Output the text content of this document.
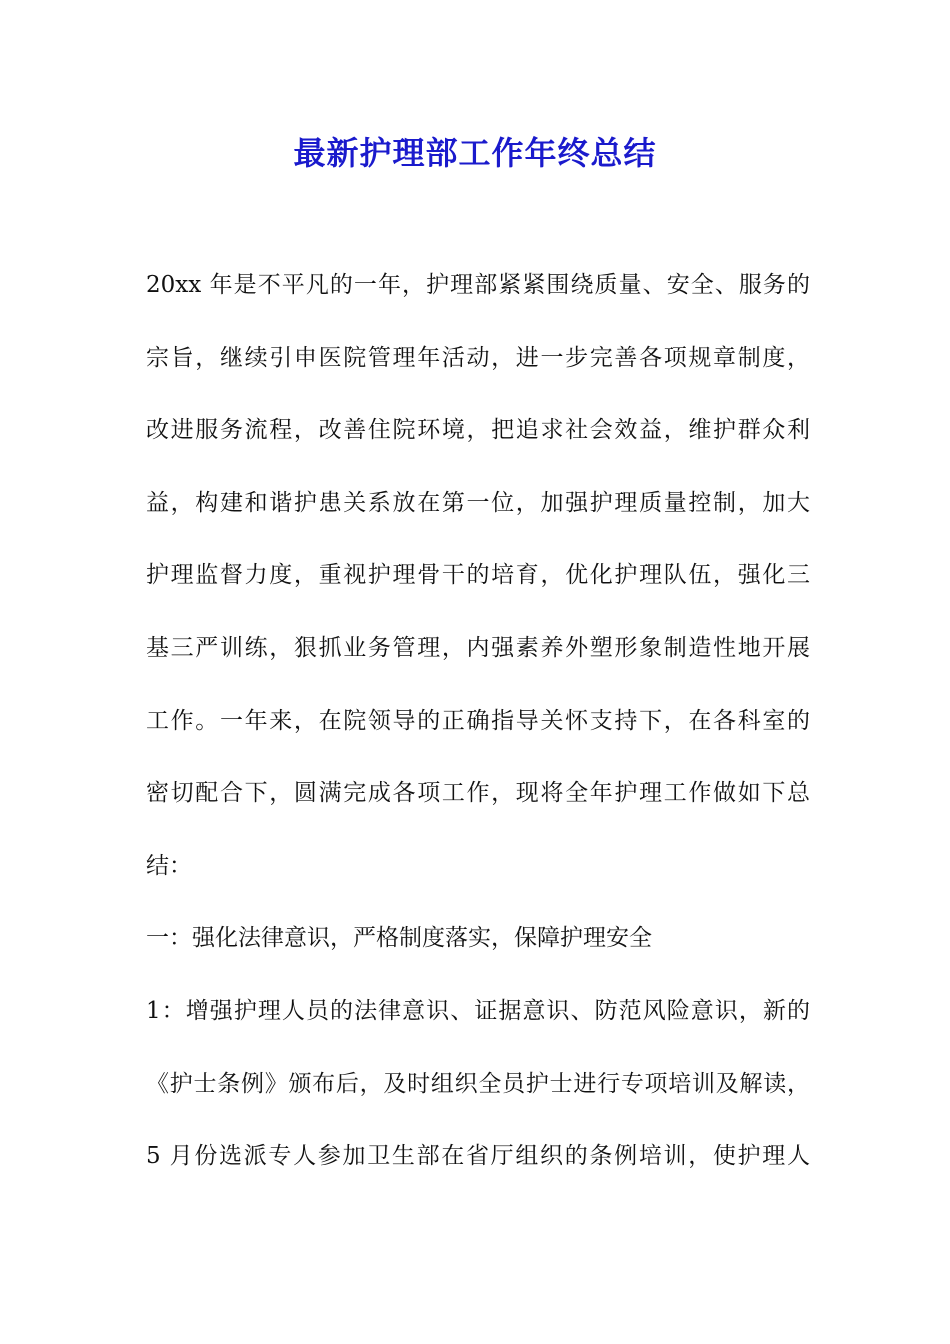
最新护理部工作年终总结
20xx 年是不平凡的一年，护理部紧紧围绕质量、安全、服务的
宗旨，继续引申医院管理年活动，进一步完善各项规章制度，
改进服务流程，改善住院环境，把追求社会效益，维护群众利
益，构建和谐护患关系放在第一位，加强护理质量控制，加大
护理监督力度，重视护理骨干的培育，优化护理队伍，强化三
基三严训练，狠抓业务管理，内强素养外塑形象制造性地开展
工作。一年来，在院领导的正确指导关怀支持下，在各科室的
密切配合下，圆满完成各项工作，现将全年护理工作做如下总
结：
一：强化法律意识，严格制度落实，保障护理安全
1：增强护理人员的法律意识、证据意识、防范风险意识，新的
《护士条例》颁布后，及时组织全员护士进行专项培训及解读，
5 月份选派专人参加卫生部在省厅组织的条例培训，使护理人
